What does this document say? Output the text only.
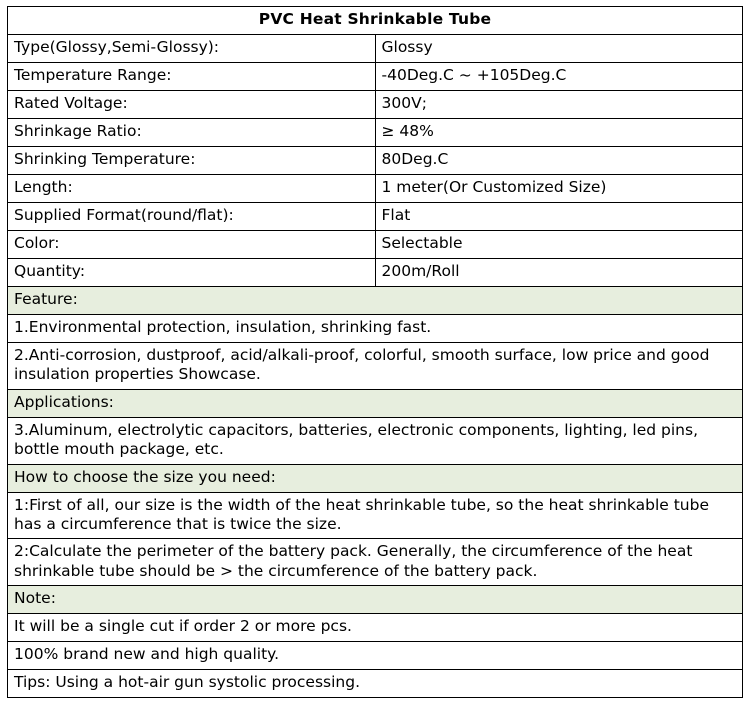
PVC Heat Shrinkable Tube	
Type(Glossy,Semi-Glossy):	Glossy
Temperature Range:	-40Deg.C ~ +105Deg.C
Rated Voltage:	300V;
Shrinkage Ratio:	≥ 48%
Shrinking Temperature:	80Deg.C
Length:	1 meter(Or Customized Size)
Supplied Format(round/flat):	Flat
Color:	Selectable
Quantity:	200m/Roll
Feature:	
1.Environmental protection, insulation, shrinking fast.	
2.Anti-corrosion, dustproof, acid/alkali-proof, colorful, smooth surface, low price and good insulation properties Showcase.	
Applications:	
3.Aluminum, electrolytic capacitors, batteries, electronic components, lighting, led pins, bottle mouth package, etc.	
How to choose the size you need:	
1:First of all, our size is the width of the heat shrinkable tube, so the heat shrinkable tube has a circumference that is twice the size.	
2:Calculate the perimeter of the battery pack. Generally, the circumference of the heat shrinkable tube should be > the circumference of the battery pack.	
Note:	
It will be a single cut if order 2 or more pcs.	
100% brand new and high quality.	
Tips: Using a hot-air gun systolic processing.	
